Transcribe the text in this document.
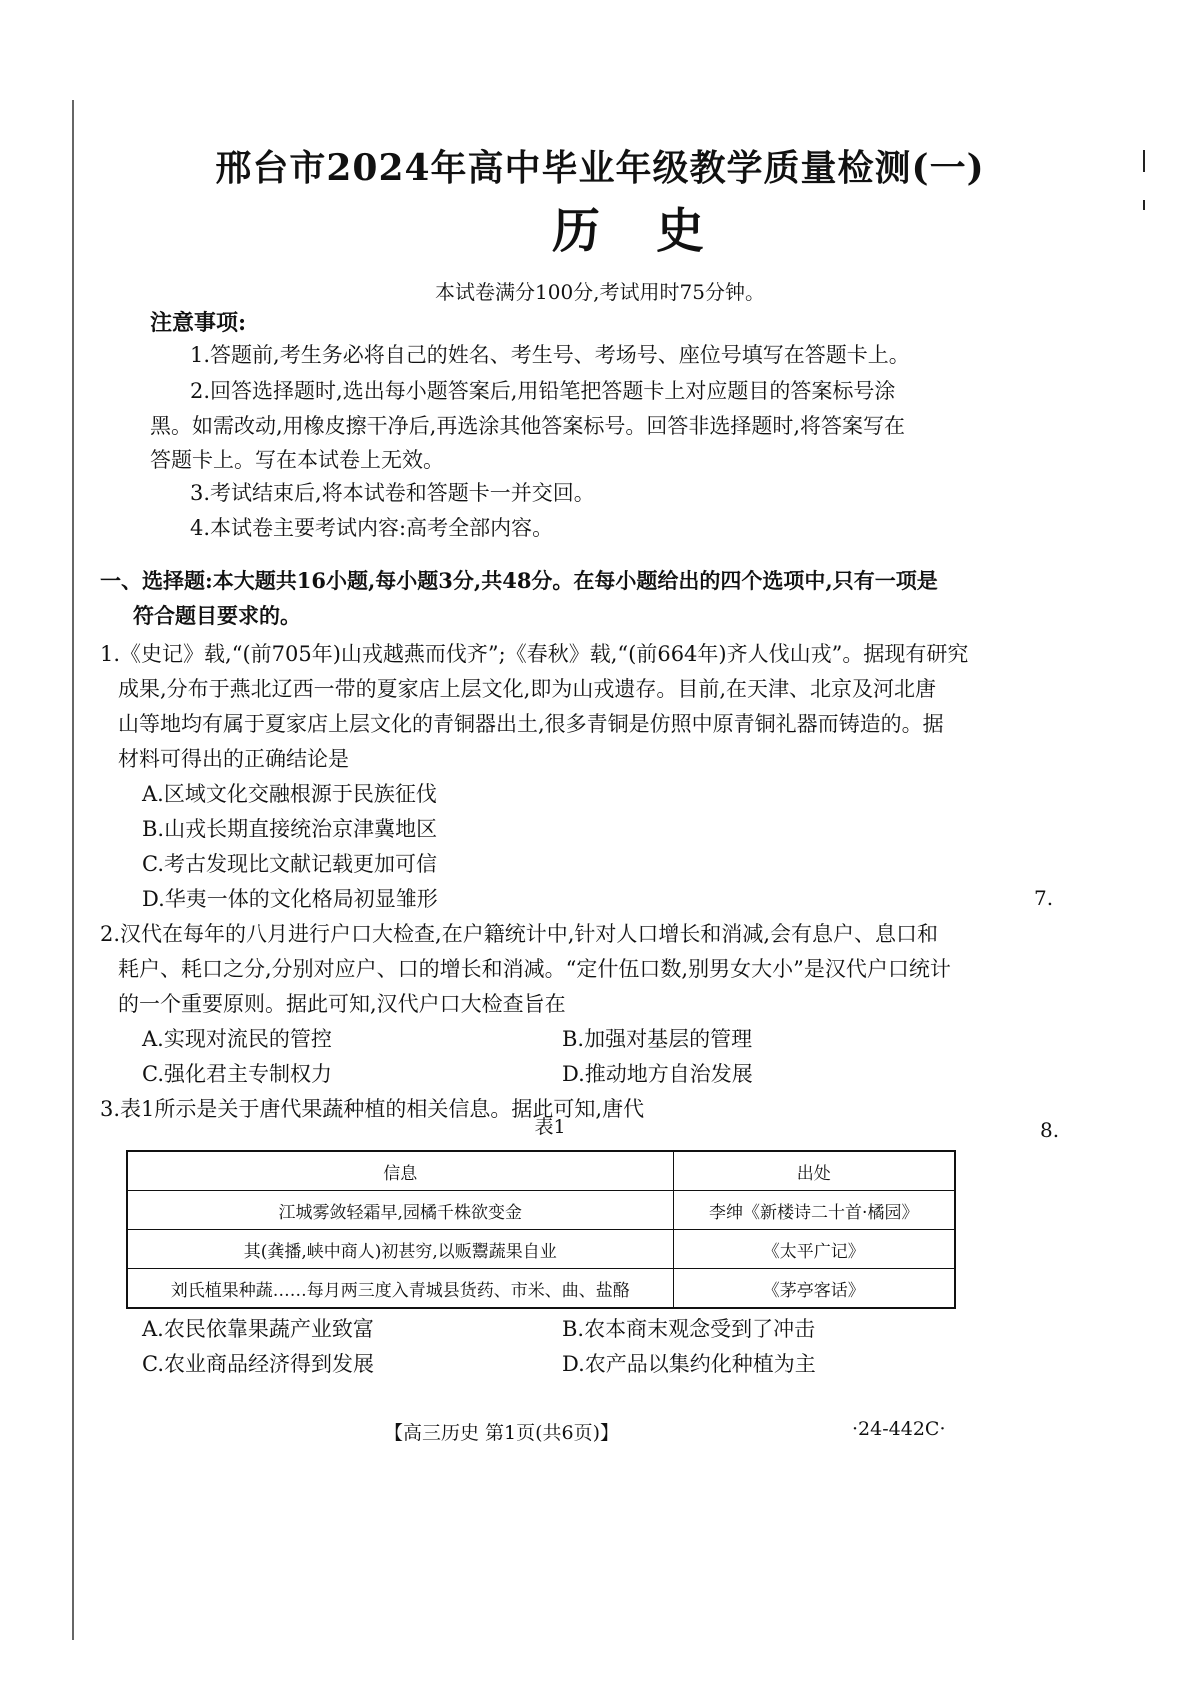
邢台市2024年高中毕业年级教学质量检测(一)
历史
本试卷满分100分,考试用时75分钟。
注意事项:
1.答题前,考生务必将自己的姓名、考生号、考场号、座位号填写在答题卡上。
2.回答选择题时,选出每小题答案后,用铅笔把答题卡上对应题目的答案标号涂
黑。如需改动,用橡皮擦干净后,再选涂其他答案标号。回答非选择题时,将答案写在
答题卡上。写在本试卷上无效。
3.考试结束后,将本试卷和答题卡一并交回。
4.本试卷主要考试内容:高考全部内容。
一、选择题:本大题共16小题,每小题3分,共48分。在每小题给出的四个选项中,只有一项是
符合题目要求的。
1.《史记》载,“(前705年)山戎越燕而伐齐”;《春秋》载,“(前664年)齐人伐山戎”。据现有研究
成果,分布于燕北辽西一带的夏家店上层文化,即为山戎遗存。目前,在天津、北京及河北唐
山等地均有属于夏家店上层文化的青铜器出土,很多青铜是仿照中原青铜礼器而铸造的。据
材料可得出的正确结论是
A.区域文化交融根源于民族征伐
B.山戎长期直接统治京津冀地区
C.考古发现比文献记载更加可信
D.华夷一体的文化格局初显雏形	7.
2.汉代在每年的八月进行户口大检查,在户籍统计中,针对人口增长和消减,会有息户、息口和
耗户、耗口之分,分别对应户、口的增长和消减。“定什伍口数,别男女大小”是汉代户口统计
的一个重要原则。据此可知,汉代户口大检查旨在
A.实现对流民的管控	B.加强对基层的管理
C.强化君主专制权力	D.推动地方自治发展
3.表1所示是关于唐代果蔬种植的相关信息。据此可知,唐代
表1	8.
信息	出处
江城雾敛轻霜早,园橘千株欲变金	李绅《新楼诗二十首·橘园》
其(龚播,峡中商人)初甚穷,以贩鬻蔬果自业	《太平广记》
刘氏植果种蔬……每月两三度入青城县货药、市米、曲、盐酪	《茅亭客话》
A.农民依靠果蔬产业致富	B.农本商末观念受到了冲击
C.农业商品经济得到发展	D.农产品以集约化种植为主
【高三历史 第1页(共6页)】	·24-442C·
